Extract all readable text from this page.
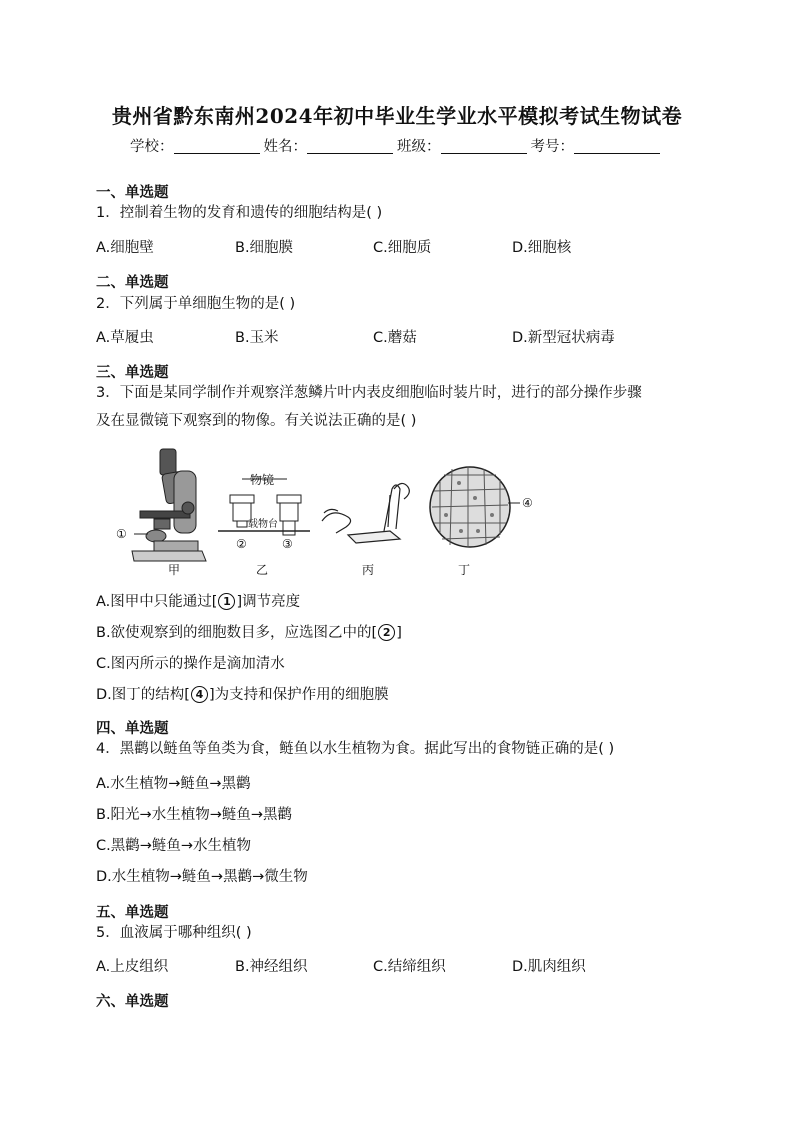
贵州省黔东南州2024年初中毕业生学业水平模拟考试生物试卷
学校：	姓名：	班级：	考号：
一、单选题
1．控制着生物的发育和遗传的细胞结构是( )
A.细胞壁	B.细胞膜	C.细胞质	D.细胞核
二、单选题
2．下列属于单细胞生物的是( )
A.草履虫	B.玉米	C.蘑菇	D.新型冠状病毒
三、单选题
3．下面是某同学制作并观察洋葱鳞片叶内表皮细胞临时装片时，进行的部分操作步骤
及在显微镜下观察到的物像。有关说法正确的是( )
①
物镜
载物台
②	③
④
甲	乙	丙	丁
A.图甲中只能通过[ 1 ]调节亮度
B.欲使观察到的细胞数目多，应选图乙中的[ 2 ]
C.图丙所示的操作是滴加清水
D.图丁的结构[ 4 ]为支持和保护作用的细胞膜
四、单选题
4．黑鹳以鲢鱼等鱼类为食，鲢鱼以水生植物为食。据此写出的食物链正确的是( )
A.水生植物→鲢鱼→黑鹳
B.阳光→水生植物→鲢鱼→黑鹳
C.黑鹳→鲢鱼→水生植物
D.水生植物→鲢鱼→黑鹳→微生物
五、单选题
5．血液属于哪种组织( )
A.上皮组织	B.神经组织	C.结缔组织	D.肌肉组织
六、单选题
